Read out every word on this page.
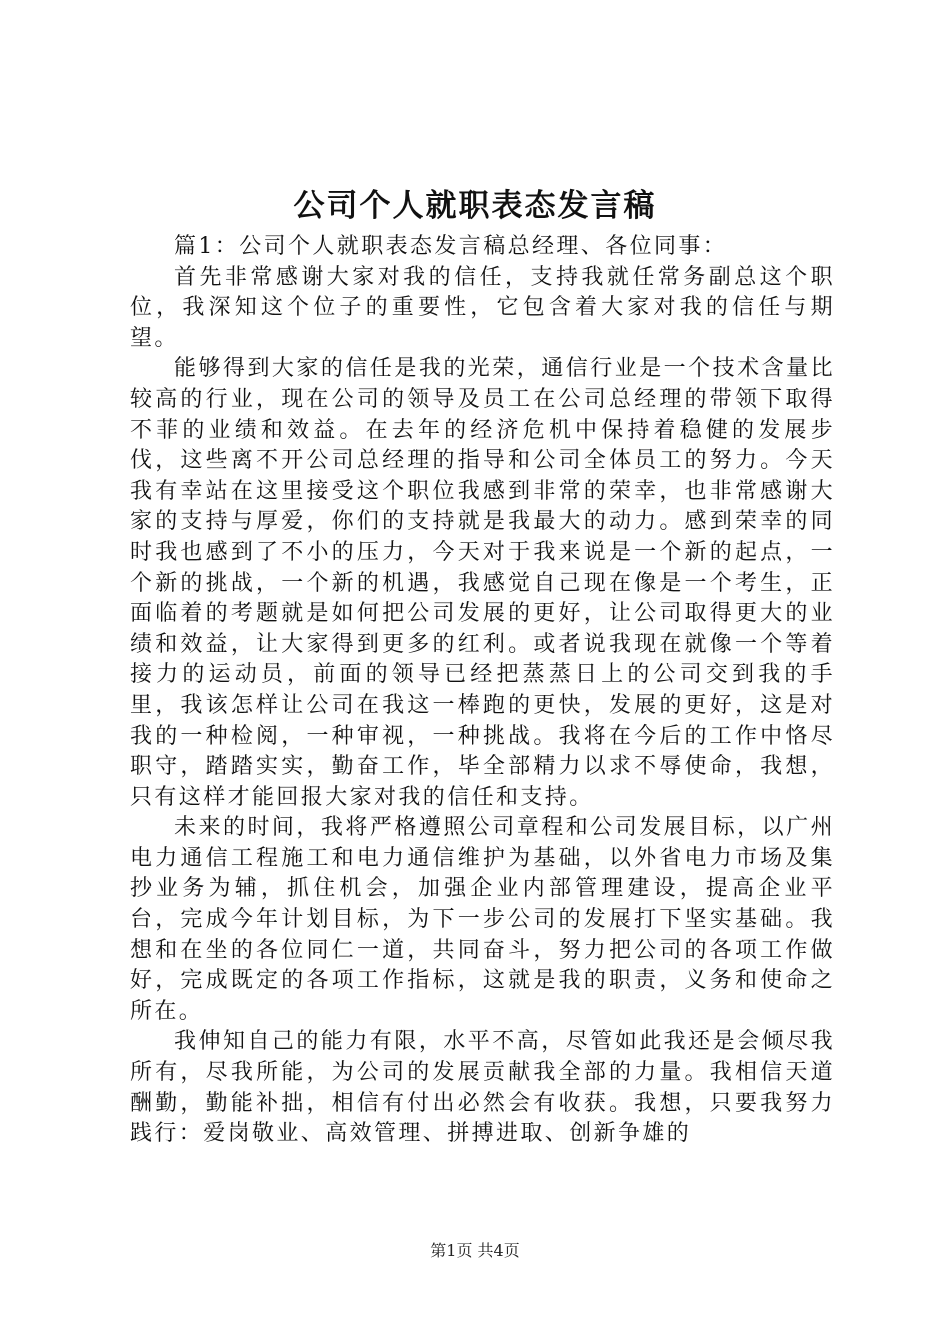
公司个人就职表态发言稿

篇1：公司个人就职表态发言稿总经理、各位同事：

首先非常感谢大家对我的信任，支持我就任常务副总这个职位，我深知这个位子的重要性，它包含着大家对我的信任与期望。

能够得到大家的信任是我的光荣，通信行业是一个技术含量比较高的行业，现在公司的领导及员工在公司总经理的带领下取得不菲的业绩和效益。在去年的经济危机中保持着稳健的发展步伐，这些离不开公司总经理的指导和公司全体员工的努力。今天我有幸站在这里接受这个职位我感到非常的荣幸，也非常感谢大家的支持与厚爱，你们的支持就是我最大的动力。感到荣幸的同时我也感到了不小的压力，今天对于我来说是一个新的起点，一个新的挑战，一个新的机遇，我感觉自己现在像是一个考生，正面临着的考题就是如何把公司发展的更好，让公司取得更大的业绩和效益，让大家得到更多的红利。或者说我现在就像一个等着接力的运动员，前面的领导已经把蒸蒸日上的公司交到我的手里，我该怎样让公司在我这一棒跑的更快，发展的更好，这是对我的一种检阅，一种审视，一种挑战。我将在今后的工作中恪尽职守，踏踏实实，勤奋工作，毕全部精力以求不辱使命，我想，只有这样才能回报大家对我的信任和支持。

未来的时间，我将严格遵照公司章程和公司发展目标，以广州电力通信工程施工和电力通信维护为基础，以外省电力市场及集抄业务为辅，抓住机会，加强企业内部管理建设，提高企业平台，完成今年计划目标，为下一步公司的发展打下坚实基础。我想和在坐的各位同仁一道，共同奋斗，努力把公司的各项工作做好，完成既定的各项工作指标，这就是我的职责，义务和使命之所在。

我伸知自己的能力有限，水平不高，尽管如此我还是会倾尽我所有，尽我所能，为公司的发展贡献我全部的力量。我相信天道酬勤，勤能补拙，相信有付出必然会有收获。我想，只要我努力践行：爱岗敬业、高效管理、拼搏进取、创新争雄的

第1页 共4页
